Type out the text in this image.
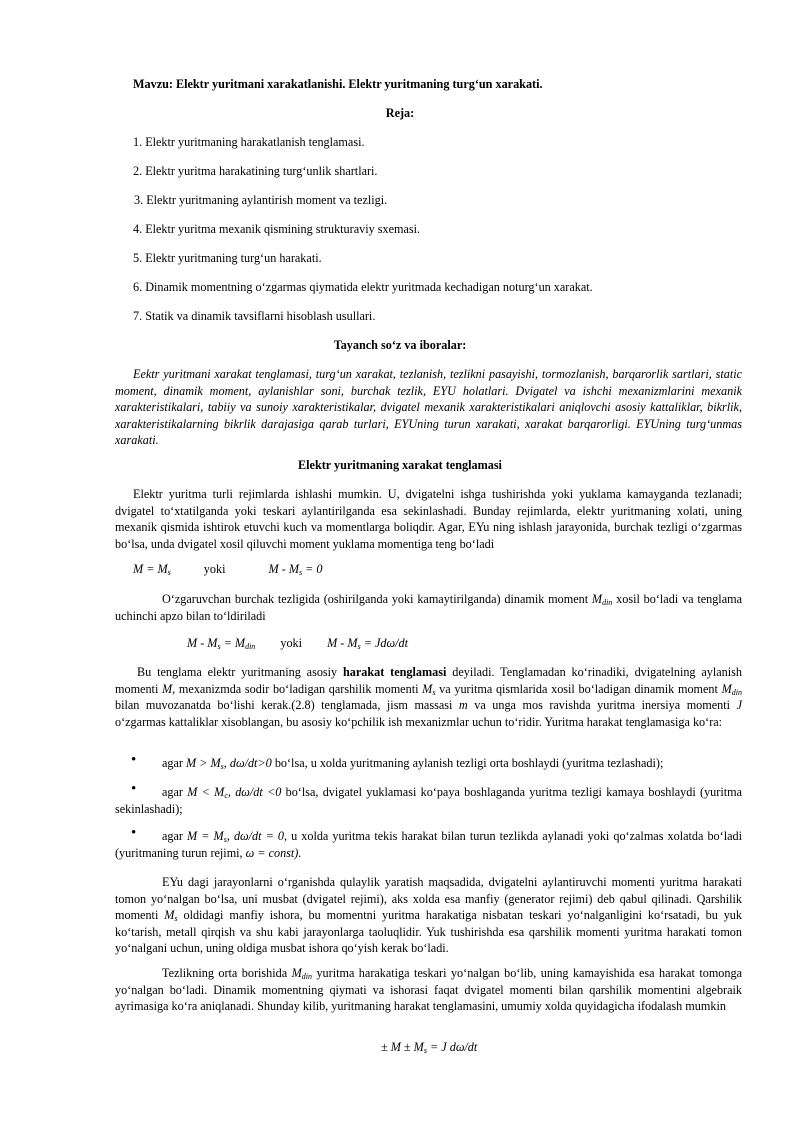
Mavzu: Elektr yuritmani xarakatlanishi. Elektr yuritmaning turg‘un xarakati.
Reja:
1. Elektr yuritmaning harakatlanish tenglamasi.
2. Elektr yuritma harakatining turg‘unlik shartlari.
3. Elektr yuritmaning aylantirish moment va tezligi.
4. Elektr yuritma mexanik qismining strukturaviy sxemasi.
5. Elektr yuritmaning turg‘un harakati.
6. Dinamik momentning o‘zgarmas qiymatida elektr yuritmada kechadigan noturg‘un xarakat.
7. Statik va dinamik tavsiflarni hisoblash usullari.
Tayanch so‘z va iboralar:
Eektr yuritmani xarakat tenglamasi, turg‘un xarakat, tezlanish, tezlikni pasayishi, tormozlanish, barqarorlik sartlari, static moment, dinamik moment, aylanishlar soni, burchak tezlik, EYU holatlari. Dvigatel va ishchi mexanizmlarini mexanik xarakteristikalari, tabiiy va sunoiy xarakteristikalar, dvigatel mexanik xarakteristikalari aniqlovchi asosiy kattaliklar, bikrlik, xarakteristikalarning bikrlik darajasiga qarab turlari, EYUning turun xarakati, xarakat barqarorligi. EYUning turg‘unmas xarakati.
Elektr yuritmaning xarakat tenglamasi
Elektr yuritma turli rejimlarda ishlashi mumkin. U, dvigatelni ishga tushirishda yoki yuklama kamayganda tezlanadi; dvigatel to‘xtatilganda yoki teskari aylantirilganda esa sekinlashadi. Bunday rejimlarda, elektr yuritmaning xolati, uning mexanik qismida ishtirok etuvchi kuch va momentlarga boliqdir. Agar, EYu ning ishlash jarayonida, burchak tezligi o‘zgarmas bo‘lsa, unda dvigatel xosil qiluvchi moment yuklama momentiga teng bo‘ladi
$M = M_s$	yoki	$M - M_s = 0$
O‘zgaruvchan burchak tezligida (oshirilganda yoki kamaytirilganda) dinamik moment $M_{din}$ xosil bo‘ladi va tenglama uchinchi apzo bilan to‘ldiriladi
$M - M_s = M_{din}$ yoki $M - M_s = Jd\omega/dt$
Bu tenglama elektr yuritmaning asosiy harakat tenglamasi deyiladi. Tenglamadan ko‘rinadiki, dvigatelning aylanish momenti M, mexanizmda sodir bo‘ladigan qarshilik momenti $M_s$ va yuritma qismlarida xosil bo‘ladigan dinamik moment $M_{din}$ bilan muvozanatda bo‘lishi kerak.(2.8) tenglamada, jism massasi m va unga mos ravishda yuritma inersiya momenti J o‘zgarmas kattaliklar xisoblangan, bu asosiy ko‘pchilik ish mexanizmlar uchun to‘ridir. Yuritma harakat tenglamasiga ko‘ra:
•	agar $M > M_s$, dω/dt>0 bo‘lsa, u xolda yuritmaning aylanish tezligi orta boshlaydi (yuritma tezlashadi);
•	agar $M < M_c$, dω/dt <0 bo‘lsa, dvigatel yuklamasi ko‘paya boshlaganda yuritma tezligi kamaya boshlaydi (yuritma sekinlashadi);
•	agar $M = M_s$, dω/dt = 0, u xolda yuritma tekis harakat bilan turun tezlikda aylanadi yoki qo‘zalmas xolatda bo‘ladi (yuritmaning turun rejimi, ω = const).
EYu dagi jarayonlarni o‘rganishda qulaylik yaratish maqsadida, dvigatelni aylantiruvchi momenti yuritma harakati tomon yo‘nalgan bo‘lsa, uni musbat (dvigatel rejimi), aks xolda esa manfiy (generator rejimi) deb qabul qilinadi. Qarshilik momenti $M_s$ oldidagi manfiy ishora, bu momentni yuritma harakatiga nisbatan teskari yo‘nalganligini ko‘rsatadi, bu yuk ko‘tarish, metall qirqish va shu kabi jarayonlarga taoluqlidir. Yuk tushirishda esa qarshilik momenti yuritma harakati tomon yo‘nalgani uchun, uning oldiga musbat ishora qo‘yish kerak bo‘ladi.
Tezlikning orta borishida $M_{din}$ yuritma harakatiga teskari yo‘nalgan bo‘lib, uning kamayishida esa harakat tomonga yo‘nalgan bo‘ladi. Dinamik momentning qiymati va ishorasi faqat dvigatel momenti bilan qarshilik momentini algebraik ayrimasiga ko‘ra aniqlanadi. Shunday kilib, yuritmaning harakat tenglamasini, umumiy xolda quyidagicha ifodalash mumkin
± $M \pm M_s = J$ dω/dt
